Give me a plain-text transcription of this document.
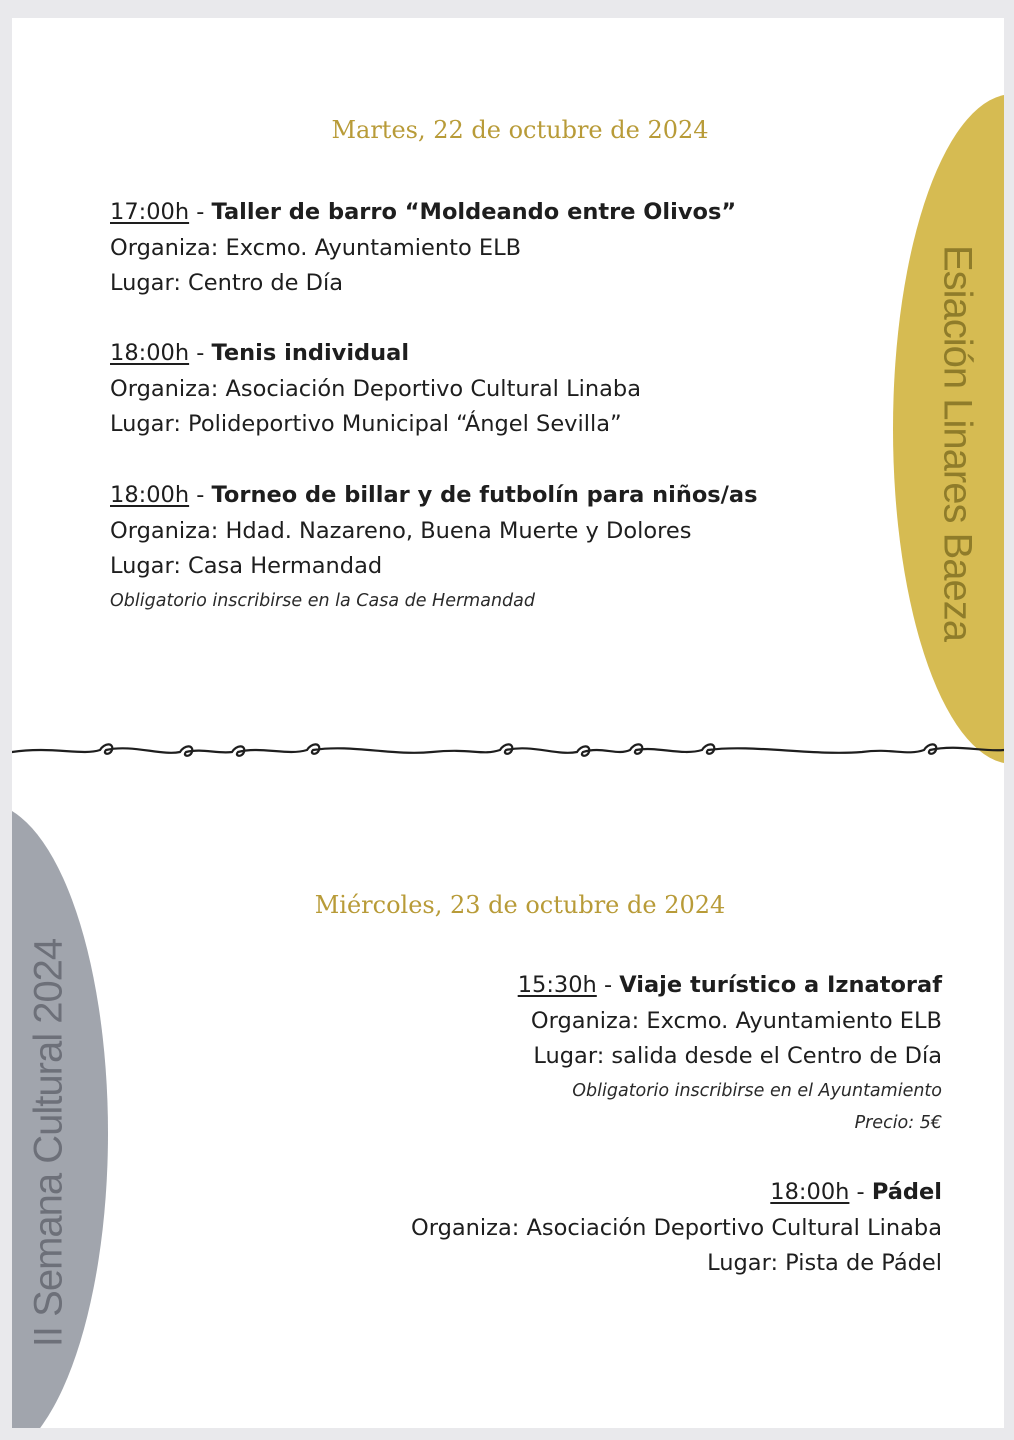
Esiación Linares Baeza
II Semana Cultural 2024
Martes, 22 de octubre de 2024
17:00h - Taller de barro “Moldeando entre Olivos”
Organiza: Excmo. Ayuntamiento ELB
Lugar: Centro de Día
18:00h - Tenis individual
Organiza: Asociación Deportivo Cultural Linaba
Lugar: Polideportivo Municipal “Ángel Sevilla”
18:00h - Torneo de billar y de futbolín para niños/as
Organiza: Hdad. Nazareno, Buena Muerte y Dolores
Lugar: Casa Hermandad
Obligatorio inscribirse en la Casa de Hermandad
Miércoles, 23 de octubre de 2024
15:30h - Viaje turístico a Iznatoraf
Organiza: Excmo. Ayuntamiento ELB
Lugar: salida desde el Centro de Día
Obligatorio inscribirse en el Ayuntamiento
Precio: 5€
18:00h - Pádel
Organiza: Asociación Deportivo Cultural Linaba
Lugar: Pista de Pádel
